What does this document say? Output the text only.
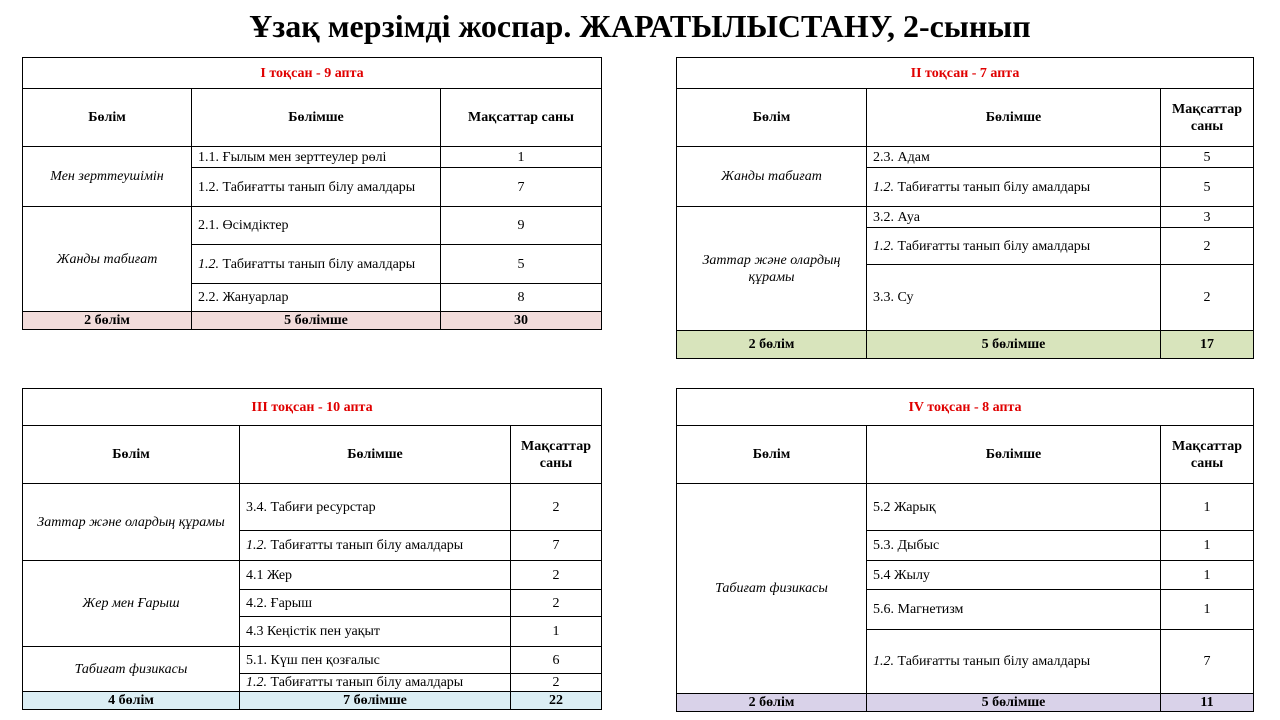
Ұзақ мерзімді жоспар. ЖАРАТЫЛЫСТАНУ, 2-сынып
І тоқсан - 9 апта		
Бөлім	Бөлімше	Мақсаттар саны
Мен зерттеушімін	1.1. Ғылым мен зерттеулер рөлі	1
	1.2. Табиғатты танып білу амалдары	7
Жанды табиғат	2.1. Өсімдіктер	9
	1.2. Табиғатты танып білу амалдары	5
	2.2. Жануарлар	8
2 бөлім	5 бөлімше	30
ІІ тоқсан - 7 апта		
Бөлім	Бөлімше	Мақсаттар саны
Жанды табиғат	2.3. Адам	5
	1.2. Табиғатты танып білу амалдары	5
Заттар және олардың құрамы	3.2. Ауа	3
	1.2. Табиғатты танып білу амалдары	2
	3.3. Су	2
2 бөлім	5 бөлімше	17
ІІІ тоқсан - 10 апта		
Бөлім	Бөлімше	Мақсаттар саны
Заттар және олардың құрамы	3.4. Табиғи ресурстар	2
	1.2. Табиғатты танып білу амалдары	7
Жер мен Ғарыш	4.1 Жер	2
	4.2. Ғарыш	2
	4.3 Кеңістік пен уақыт	1
Табиғат физикасы	5.1. Күш пен қозғалыс	6
	1.2. Табиғатты танып білу амалдары	2
4 бөлім	7 бөлімше	22
ІV тоқсан - 8 апта		
Бөлім	Бөлімше	Мақсаттар саны
Табиғат физикасы	5.2 Жарық	1
	5.3. Дыбыс	1
	5.4 Жылу	1
	5.6. Магнетизм	1
	1.2. Табиғатты танып білу амалдары	7
2 бөлім	5 бөлімше	11
